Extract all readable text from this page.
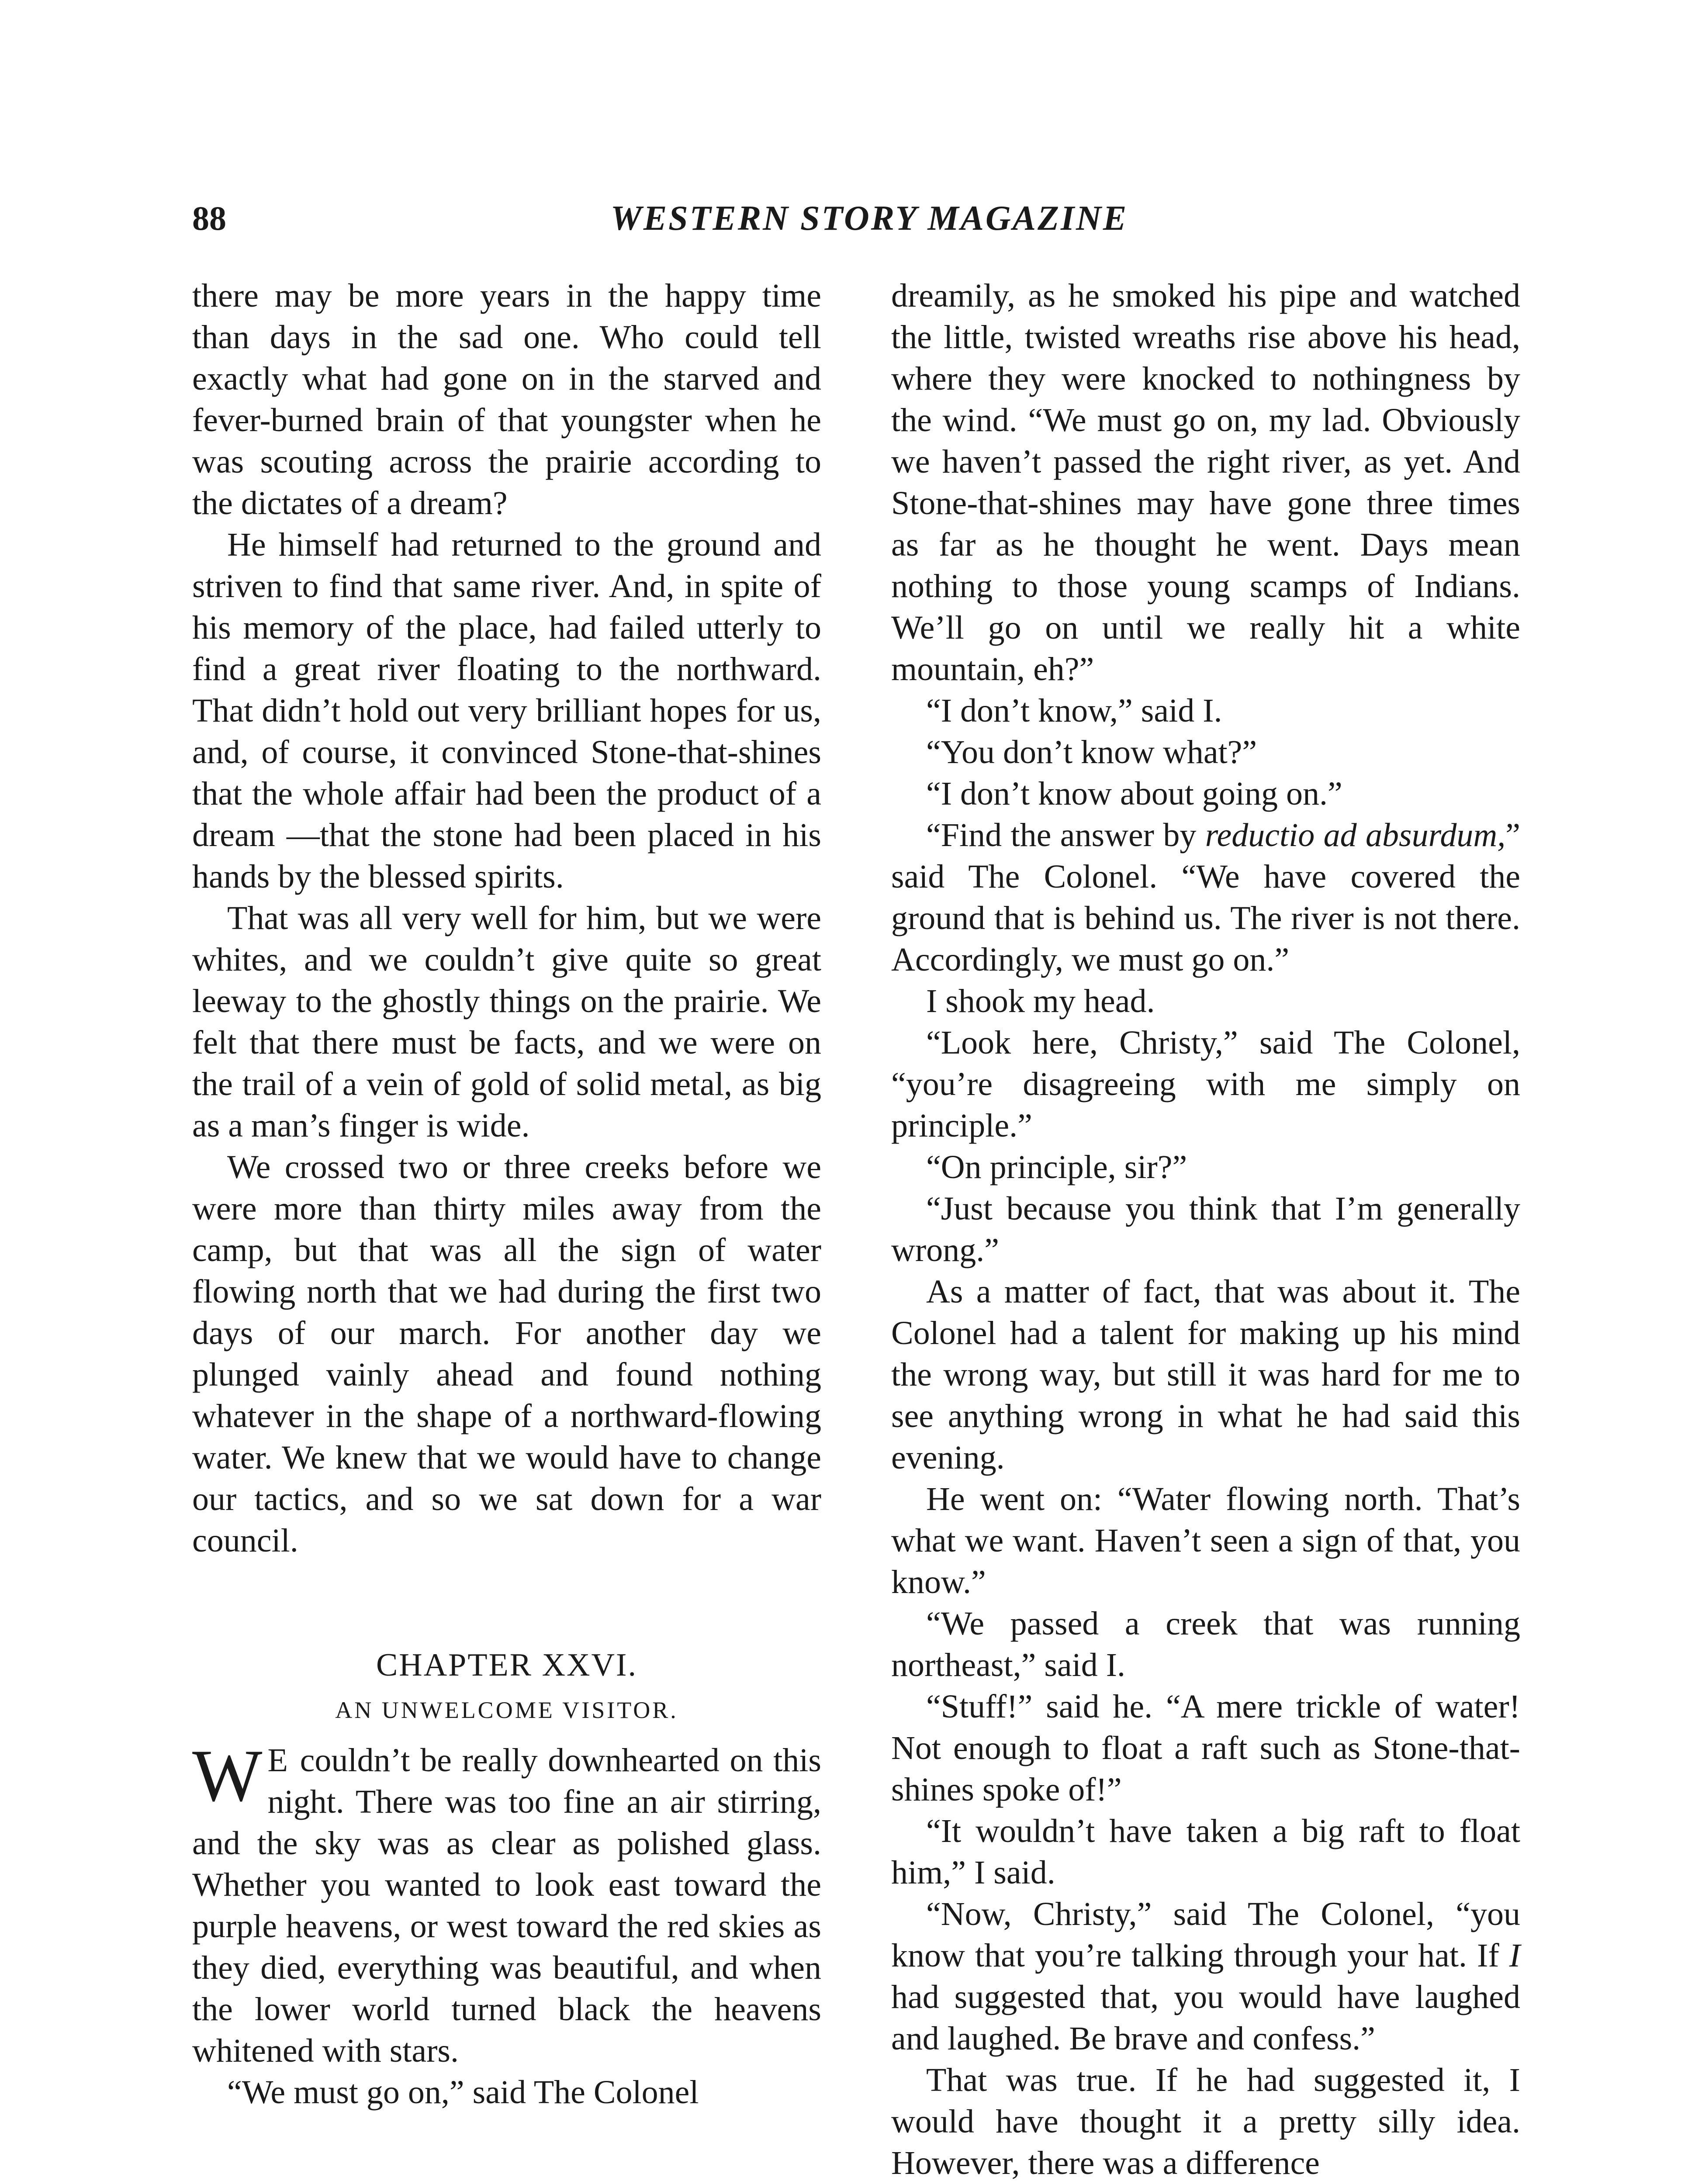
88	WESTERN STORY MAGAZINE

there may be more years in the happy time than days in the sad one. Who could tell exactly what had gone on in the starved and fever-burned brain of that youngster when he was scouting across the prairie according to the dictates of a dream?

He himself had returned to the ground and striven to find that same river. And, in spite of his memory of the place, had failed utterly to find a great river floating to the northward. That didn’t hold out very brilliant hopes for us, and, of course, it convinced Stone-that-shines that the whole affair had been the product of a dream —that the stone had been placed in his hands by the blessed spirits.

That was all very well for him, but we were whites, and we couldn’t give quite so great leeway to the ghostly things on the prairie. We felt that there must be facts, and we were on the trail of a vein of gold of solid metal, as big as a man’s finger is wide.

We crossed two or three creeks before we were more than thirty miles away from the camp, but that was all the sign of water flowing north that we had during the first two days of our march. For another day we plunged vainly ahead and found nothing whatever in the shape of a northward-flowing water. We knew that we would have to change our tactics, and so we sat down for a war council.

CHAPTER XXVI.
AN UNWELCOME VISITOR.

W E couldn’t be really downhearted on this night. There was too fine an air stirring, and the sky was as clear as polished glass. Whether you wanted to look east toward the purple heavens, or west toward the red skies as they died, everything was beautiful, and when the lower world turned black the heavens whitened with stars.

“We must go on,” said The Colonel

dreamily, as he smoked his pipe and watched the little, twisted wreaths rise above his head, where they were knocked to nothingness by the wind. “We must go on, my lad. Obviously we haven’t passed the right river, as yet. And Stone-that-shines may have gone three times as far as he thought he went. Days mean nothing to those young scamps of Indians. We’ll go on until we really hit a white mountain, eh?”

“I don’t know,” said I.

“You don’t know what?”

“I don’t know about going on.”

“Find the answer by reductio ad absurdum,” said The Colonel. “We have covered the ground that is behind us. The river is not there. Accordingly, we must go on.”

I shook my head.

“Look here, Christy,” said The Colonel, “you’re disagreeing with me simply on principle.”

“On principle, sir?”

“Just because you think that I’m generally wrong.”

As a matter of fact, that was about it. The Colonel had a talent for making up his mind the wrong way, but still it was hard for me to see anything wrong in what he had said this evening.

He went on: “Water flowing north. That’s what we want. Haven’t seen a sign of that, you know.”

“We passed a creek that was running northeast,” said I.

“Stuff!” said he. “A mere trickle of water! Not enough to float a raft such as Stone-that-shines spoke of!”

“It wouldn’t have taken a big raft to float him,” I said.

“Now, Christy,” said The Colonel, “you know that you’re talking through your hat. If I had suggested that, you would have laughed and laughed. Be brave and confess.”

That was true. If he had suggested it, I would have thought it a pretty silly idea. However, there was a difference
